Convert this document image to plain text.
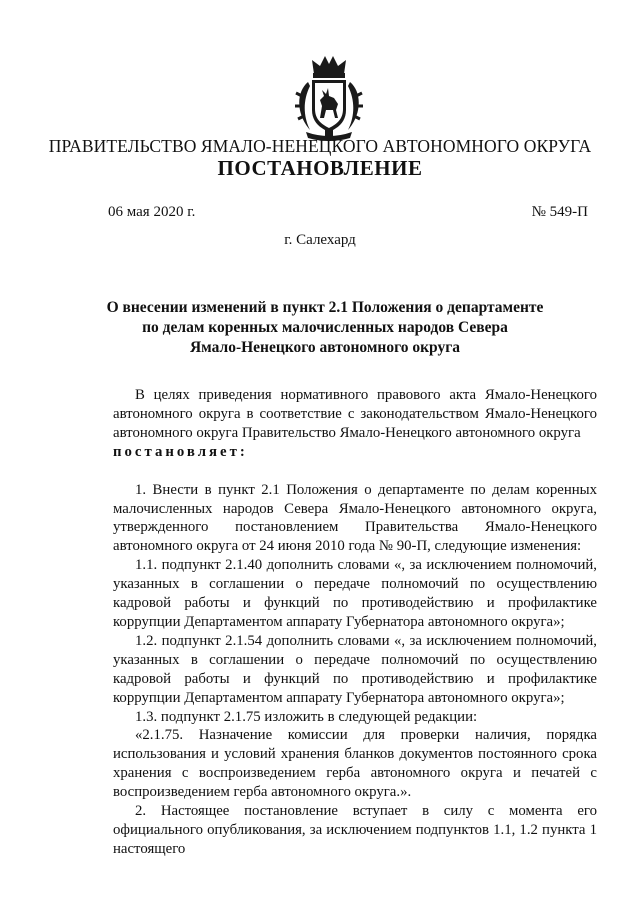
ПРАВИТЕЛЬСТВО ЯМАЛО-НЕНЕЦКОГО АВТОНОМНОГО ОКРУГА
ПОСТАНОВЛЕНИЕ
06 мая 2020 г.	№ 549-П
г. Салехард
О внесении изменений в пункт 2.1 Положения о департаменте
по делам коренных малочисленных народов Севера
Ямало-Ненецкого автономного округа

В целях приведения нормативного правового акта Ямало-Ненецкого автономного округа в соответствие с законодательством Ямало-Ненецкого автономного округа Правительство Ямало-Ненецкого автономного округа
постановляет:

1. Внести в пункт 2.1 Положения о департаменте по делам коренных малочисленных народов Севера Ямало-Ненецкого автономного округа, утвержденного постановлением Правительства Ямало-Ненецкого автономного округа от 24 июня 2010 года № 90-П, следующие изменения:

1.1. подпункт 2.1.40 дополнить словами «, за исключением полномочий, указанных в соглашении о передаче полномочий по осуществлению кадровой работы и функций по противодействию и профилактике коррупции Департаментом аппарату Губернатора автономного округа»;

1.2. подпункт 2.1.54 дополнить словами «, за исключением полномочий, указанных в соглашении о передаче полномочий по осуществлению кадровой работы и функций по противодействию и профилактике коррупции Департаментом аппарату Губернатора автономного округа»;

1.3. подпункт 2.1.75 изложить в следующей редакции:

«2.1.75. Назначение комиссии для проверки наличия, порядка использования и условий хранения бланков документов постоянного срока хранения с воспроизведением герба автономного округа и печатей с воспроизведением герба автономного округа.».

2. Настоящее постановление вступает в силу с момента его официального опубликования, за исключением подпунктов 1.1, 1.2 пункта 1 настоящего
